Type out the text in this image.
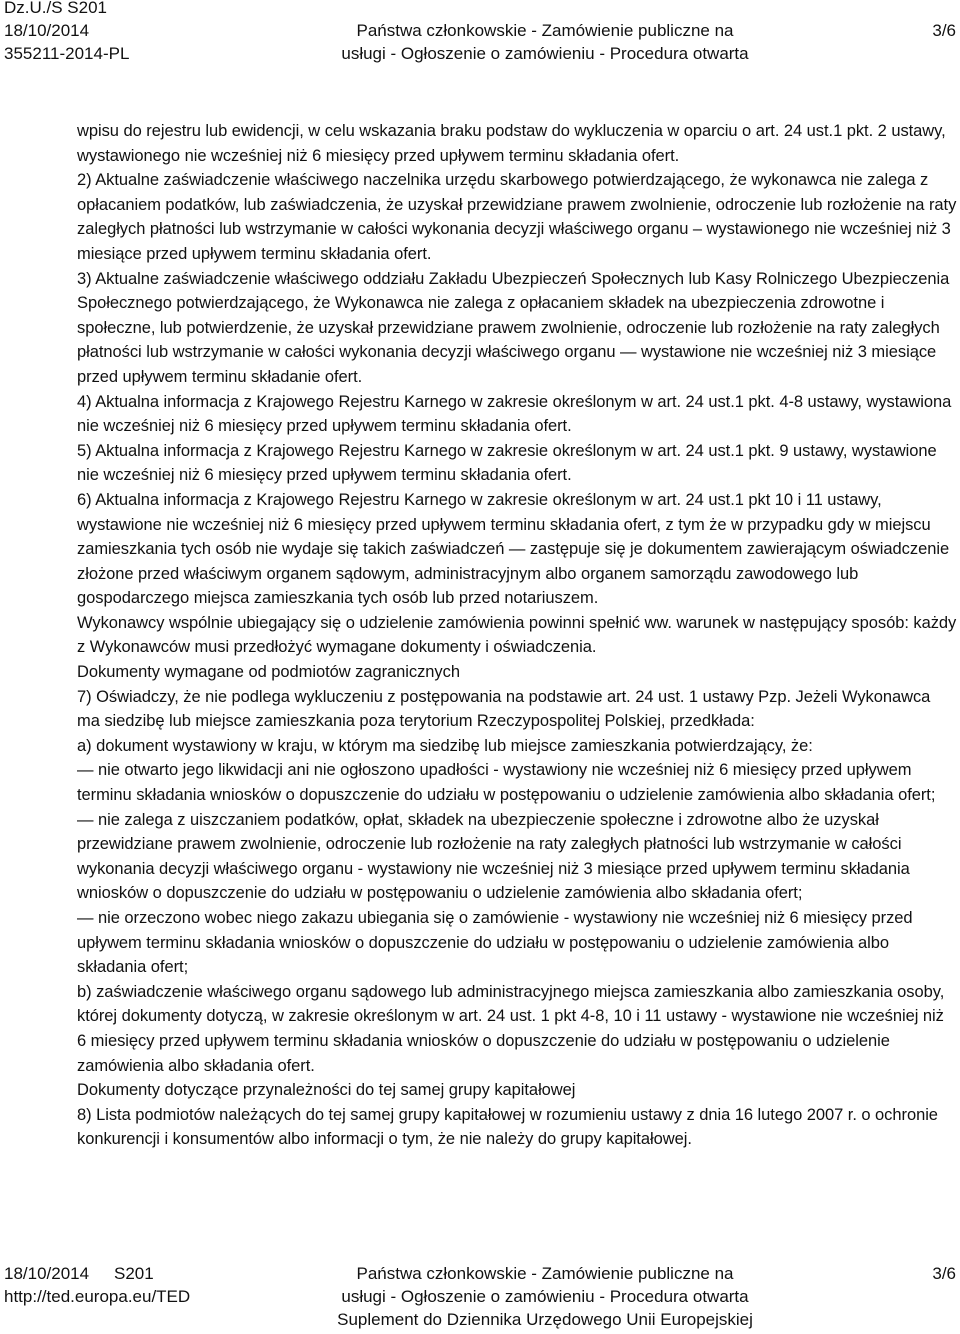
Dz.U./S S201
18/10/2014
355211-2014-PL
Państwa członkowskie - Zamówienie publiczne na
usługi - Ogłoszenie o zamówieniu - Procedura otwarta
3/6

wpisu do rejestru lub ewidencji, w celu wskazania braku podstaw do wykluczenia w oparciu o art. 24 ust.1 pkt. 2 ustawy, wystawionego nie wcześniej niż 6 miesięcy przed upływem terminu składania ofert.

2) Aktualne zaświadczenie właściwego naczelnika urzędu skarbowego potwierdzającego, że wykonawca nie zalega z opłacaniem podatków, lub zaświadczenia, że uzyskał przewidziane prawem zwolnienie, odroczenie lub rozłożenie na raty zaległych płatności lub wstrzymanie w całości wykonania decyzji właściwego organu – wystawionego nie wcześniej niż 3 miesiące przed upływem terminu składania ofert.

3) Aktualne zaświadczenie właściwego oddziału Zakładu Ubezpieczeń Społecznych lub Kasy Rolniczego Ubezpieczenia Społecznego potwierdzającego, że Wykonawca nie zalega z opłacaniem składek na ubezpieczenia zdrowotne i społeczne, lub potwierdzenie, że uzyskał przewidziane prawem zwolnienie, odroczenie lub rozłożenie na raty zaległych płatności lub wstrzymanie w całości wykonania decyzji właściwego organu — wystawione nie wcześniej niż 3 miesiące przed upływem terminu składanie ofert.

4) Aktualna informacja z Krajowego Rejestru Karnego w zakresie określonym w art. 24 ust.1 pkt. 4-8 ustawy, wystawiona nie wcześniej niż 6 miesięcy przed upływem terminu składania ofert.

5) Aktualna informacja z Krajowego Rejestru Karnego w zakresie określonym w art. 24 ust.1 pkt. 9 ustawy, wystawione nie wcześniej niż 6 miesięcy przed upływem terminu składania ofert.

6) Aktualna informacja z Krajowego Rejestru Karnego w zakresie określonym w art. 24 ust.1 pkt 10 i 11 ustawy, wystawione nie wcześniej niż 6 miesięcy przed upływem terminu składania ofert, z tym że w przypadku gdy w miejscu zamieszkania tych osób nie wydaje się takich zaświadczeń — zastępuje się je dokumentem zawierającym oświadczenie złożone przed właściwym organem sądowym, administracyjnym albo organem samorządu zawodowego lub gospodarczego miejsca zamieszkania tych osób lub przed notariuszem.

Wykonawcy wspólnie ubiegający się o udzielenie zamówienia powinni spełnić ww. warunek w następujący sposób: każdy z Wykonawców musi przedłożyć wymagane dokumenty i oświadczenia.

Dokumenty wymagane od podmiotów zagranicznych

7) Oświadczy, że nie podlega wykluczeniu z postępowania na podstawie art. 24 ust. 1 ustawy Pzp. Jeżeli Wykonawca ma siedzibę lub miejsce zamieszkania poza terytorium Rzeczypospolitej Polskiej, przedkłada:

a) dokument wystawiony w kraju, w którym ma siedzibę lub miejsce zamieszkania potwierdzający, że:

— nie otwarto jego likwidacji ani nie ogłoszono upadłości - wystawiony nie wcześniej niż 6 miesięcy przed upływem terminu składania wniosków o dopuszczenie do udziału w postępowaniu o udzielenie zamówienia albo składania ofert;

— nie zalega z uiszczaniem podatków, opłat, składek na ubezpieczenie społeczne i zdrowotne albo że uzyskał przewidziane prawem zwolnienie, odroczenie lub rozłożenie na raty zaległych płatności lub wstrzymanie w całości wykonania decyzji właściwego organu - wystawiony nie wcześniej niż 3 miesiące przed upływem terminu składania wniosków o dopuszczenie do udziału w postępowaniu o udzielenie zamówienia albo składania ofert;

— nie orzeczono wobec niego zakazu ubiegania się o zamówienie - wystawiony nie wcześniej niż 6 miesięcy przed upływem terminu składania wniosków o dopuszczenie do udziału w postępowaniu o udzielenie zamówienia albo składania ofert;

b) zaświadczenie właściwego organu sądowego lub administracyjnego miejsca zamieszkania albo zamieszkania osoby, której dokumenty dotyczą, w zakresie określonym w art. 24 ust. 1 pkt 4-8, 10 i 11 ustawy - wystawione nie wcześniej niż 6 miesięcy przed upływem terminu składania wniosków o dopuszczenie do udziału w postępowaniu o udzielenie zamówienia albo składania ofert.

Dokumenty dotyczące przynależności do tej samej grupy kapitałowej

8) Lista podmiotów należących do tej samej grupy kapitałowej w rozumieniu ustawy z dnia 16 lutego 2007 r. o ochronie konkurencji i konsumentów albo informacji o tym, że nie należy do grupy kapitałowej.

18/10/2014 S201
http://ted.europa.eu/TED
Państwa członkowskie - Zamówienie publiczne na
usługi - Ogłoszenie o zamówieniu - Procedura otwarta
Suplement do Dziennika Urzędowego Unii Europejskiej
3/6
